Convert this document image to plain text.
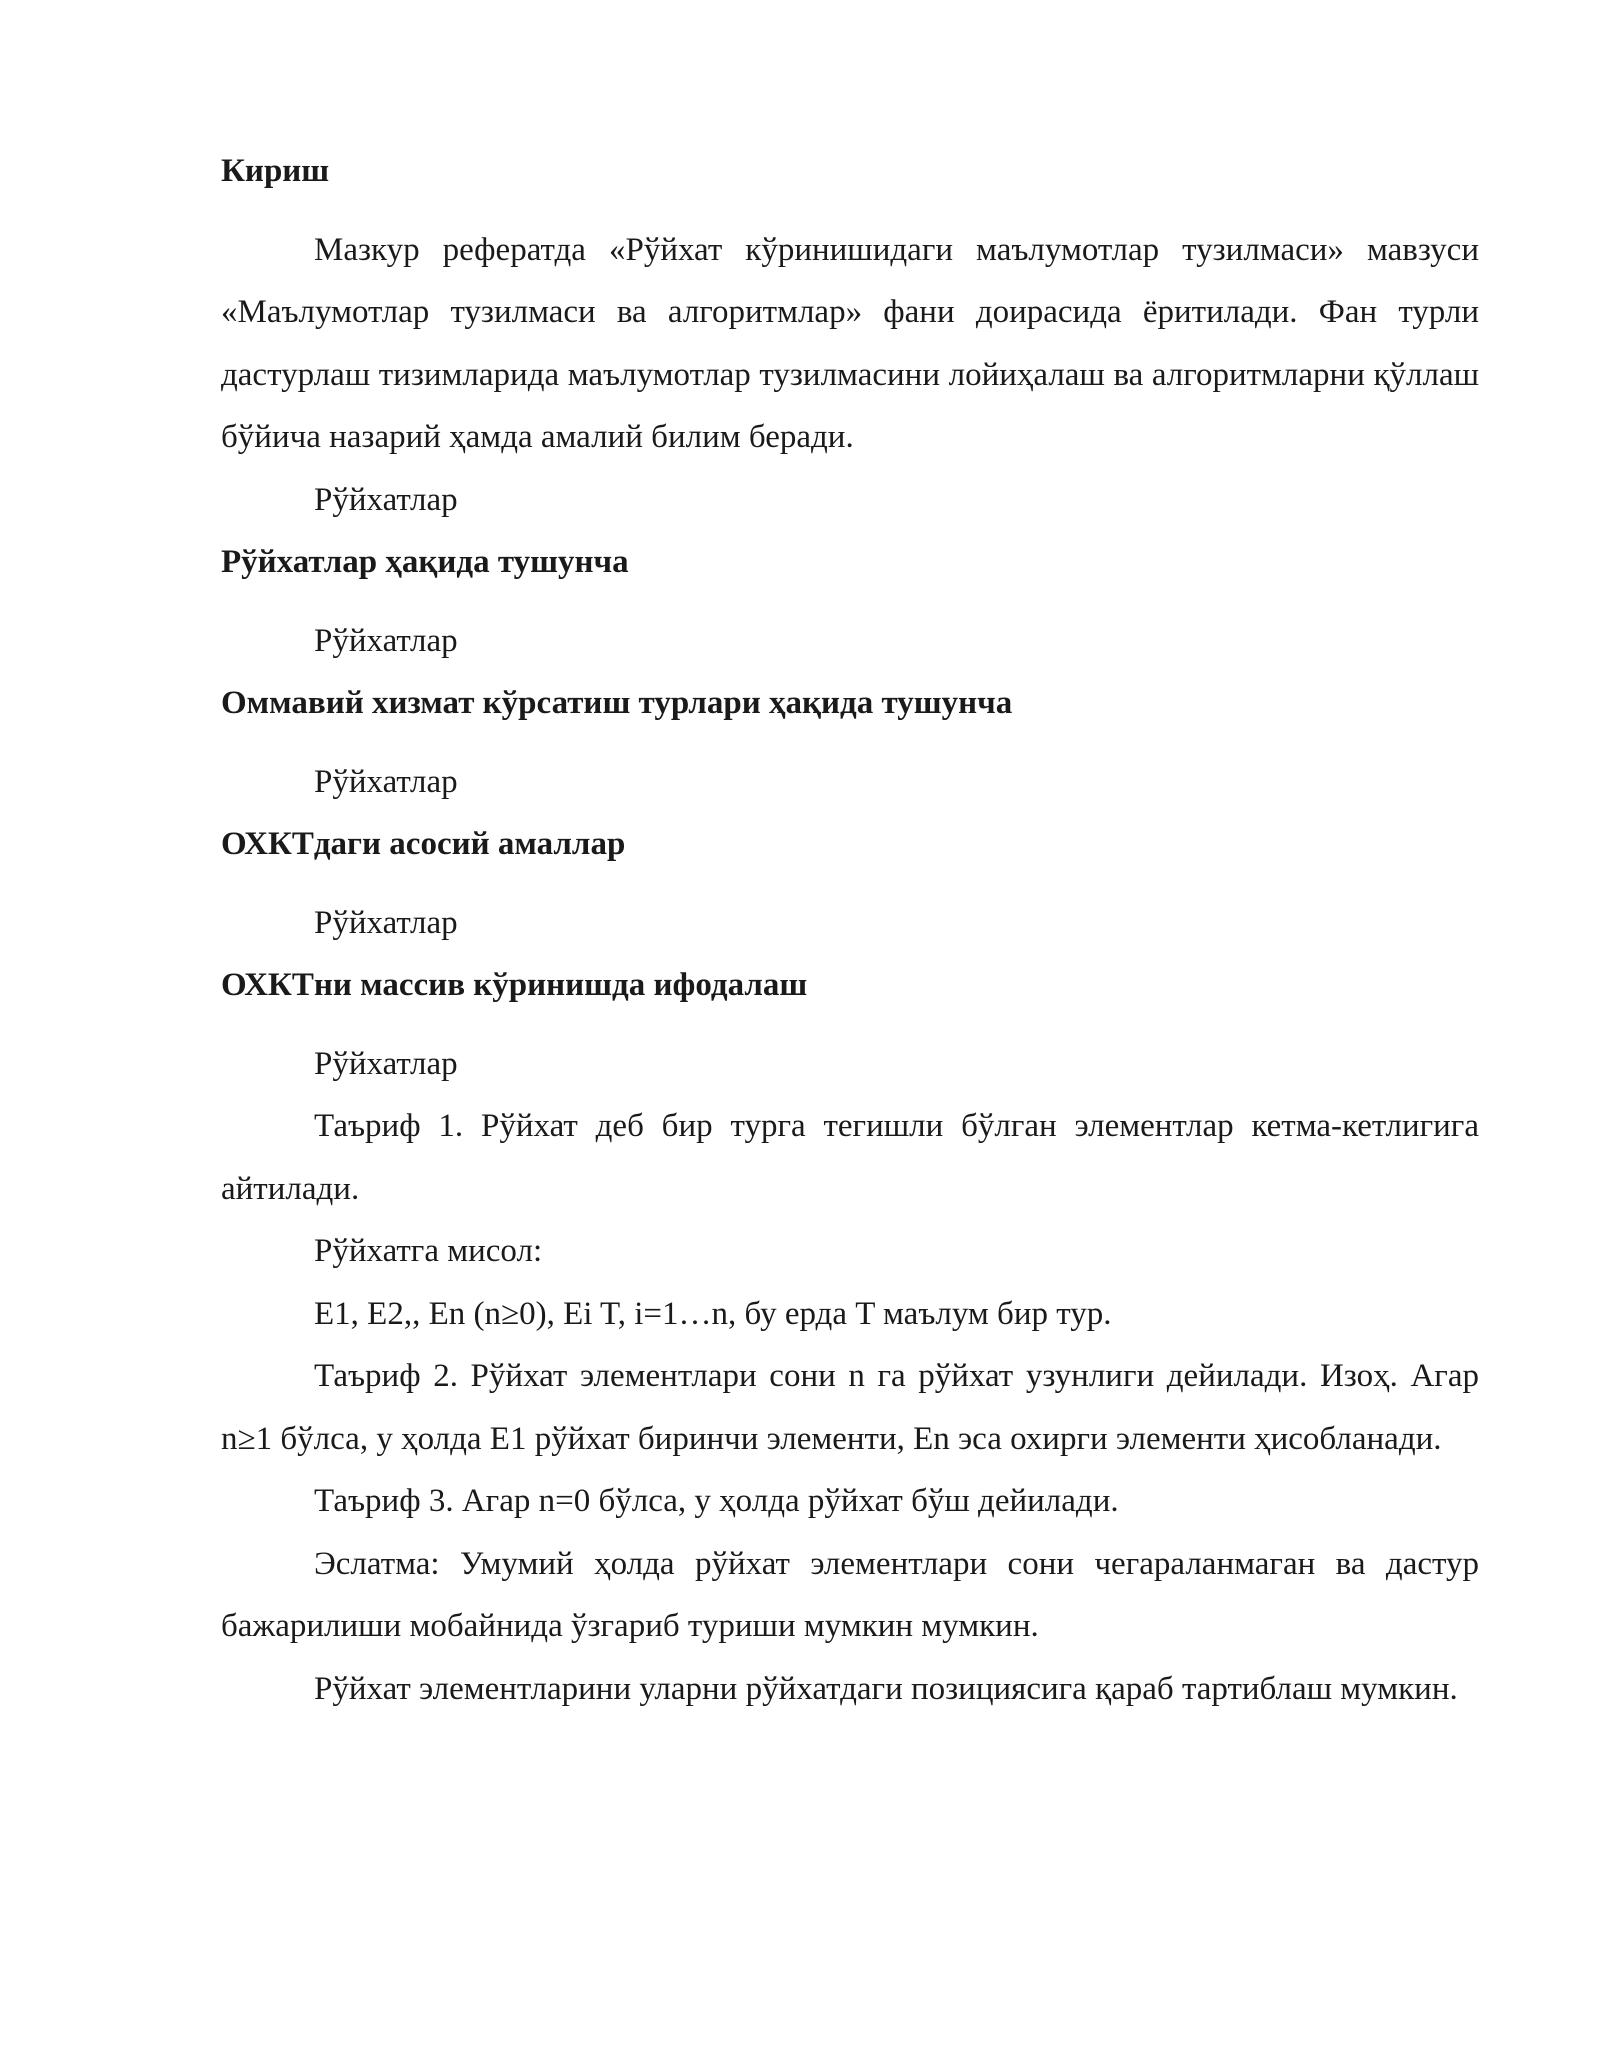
Кириш

Мазкур рефератда «Рўйхат кўринишидаги маълумотлар тузилмаси» мавзуси «Маълумотлар тузилмаси ва алгоритмлар» фани доирасида ёритилади. Фан турли дастурлаш тизимларида маълумотлар тузилмасини лойиҳалаш ва алгоритмларни қўллаш бўйича назарий ҳамда амалий билим беради.

Рўйхатлар

Рўйхатлар ҳақида тушунча

Рўйхатлар

Оммавий хизмат кўрсатиш турлари ҳақида тушунча

Рўйхатлар

ОХКТдаги асосий амаллар

Рўйхатлар

ОХКТни массив кўринишда ифодалаш

Рўйхатлар

Таъриф 1. Рўйхат деб бир турга тегишли бўлган элементлар кетма-кетлигига айтилади.

Рўйхатга мисол:

E1, E2,, En (n≥0), Ei T, i=1…n, бу ерда T маълум бир тур.

Таъриф 2. Рўйхат элементлари сони n га рўйхат узунлиги дейилади. Изоҳ. Агар n≥1 бўлса, у ҳолда E1 рўйхат биринчи элементи, En эса охирги элементи ҳисобланади.

Таъриф 3. Агар n=0 бўлса, у ҳолда рўйхат бўш дейилади.

Эслатма: Умумий ҳолда рўйхат элементлари сони чегараланмаган ва дастур бажарилиши мобайнида ўзгариб туриши мумкин мумкин.

Рўйхат элементларини уларни рўйхатдаги позициясига қараб тартиблаш мумкин.
